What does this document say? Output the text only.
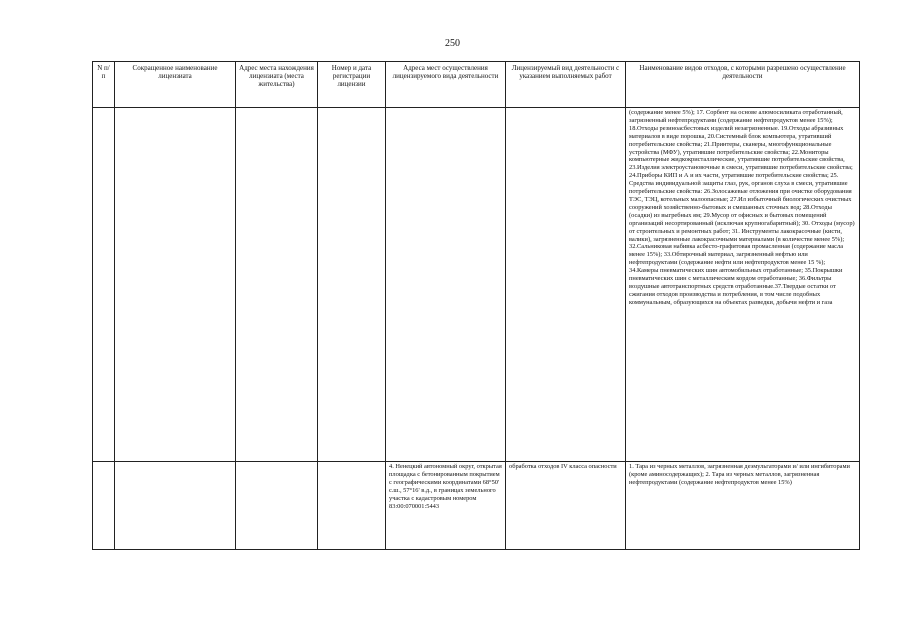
250
N п/ п	Сокращенное наименование лицензиата	Адрес места нахождения лицензиата (места жительства)	Номер и дата регистрации лицензии	Адреса мест осуществления лицензируемого вида деятельности	Лицензируемый вид деятельности с указанием выполняемых работ	Наименование видов отходов, с которыми разрешено осуществление деятельности
						(содержание менее 5%); 17. Сорбент на основе алюмосиликата отработанный, загрязненный нефтепродуктами (содержание нефтепродуктов менее 15%); 18.Отходы резиноасбестовых изделий незагрязненные. 19.Отходы абразивных материалов в виде порошка, 20.Системный блок компьютера, утративший потребительские свойства; 21.Принтеры, сканеры, многофункциональные устройства (МФУ), утратившие потребительские свойства; 22.Мониторы компьютерные жидкокристаллические, утратившие потребительские свойства, 23.Изделия электроустановочные в смеси, утратившие потребительские свойства; 24.Приборы КИП и А и их части, утратившие потребительские свойства; 25. Средства индивидуальной защиты глаз, рук, органов слуха в смеси, утратившие потребительские свойства: 26.Золосажевые отложения при очистке оборудования ТЭС, ТЭЦ, котельных малоопасные; 27.Ил избыточный биологических очистных сооружений хозяйственно-бытовых и смешанных сточных вод; 28.Отходы (осадки) из выгребных ям; 29.Мусор от офисных и бытовых помещений организаций несортированный (исключая крупногабаритный); 30. Отходы (мусор) от строительных и ремонтных работ; 31. Инструменты лакокрасочные (кисти, валики), загрязненные лакокрасочными материалами (в количестве менее 5%); 32.Сальниковая набивка асбесто-графитовая промасленная (содержание масла менее 15%); 33.Обтирочный материал, загрязненный нефтью или нефтепродуктами (содержание нефти или нефтепродуктов менее 15 %); 34.Камеры пневматических шин автомобильных отработанные; 35.Покрышки пневматических шин с металлическим кордом отработанные; 36.Фильтры воздушные автотранспортных средств отработанные.37.Твердые остатки от сжигания отходов производства и потребления, в том числе подобных коммунальным, образующихся на объектах разведки, добычи нефти и газа
				4. Ненецкий автономный округ, открытая площадка с бетонированным покрытием с географическими координатами 68°50' с.ш., 57°16' в.д., в границах земельного участка с кадастровым номером 83:00:070001:5443	обработка отходов IV класса опасности	1. Тара из черных металлов, загрязненная деэмульгаторами и/ или ингибиторами (кроме аминосодержащих); 2. Тара из черных металлов, загрязненная нефтепродуктами (содержание нефтепродуктов менее 15%)
